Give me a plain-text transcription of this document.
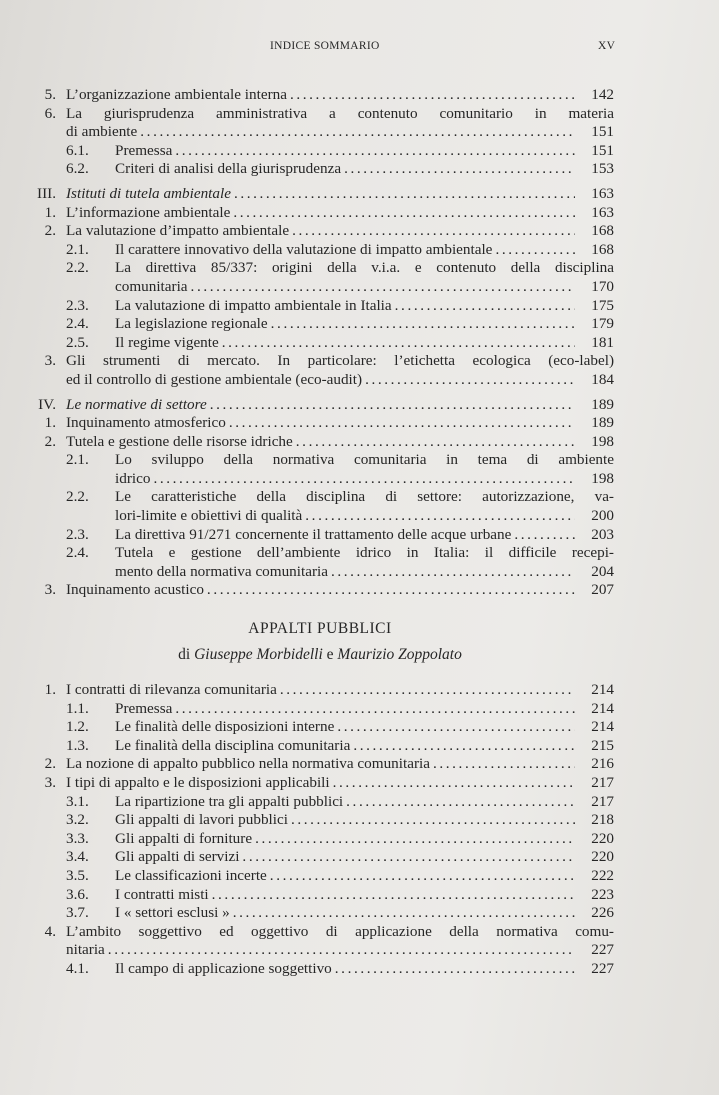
INDICE SOMMARIO	XV
5. L’organizzazione ambientale interna . . .	142
6. La giurisprudenza amministrativa a contenuto comunitario in materia
di ambiente . . .	151
6.1.	Premessa . . .	151
6.2.	Criteri di analisi della giurisprudenza . . .	153
III. Istituti di tutela ambientale . . .	163
1. L’informazione ambientale . . .	163
2. La valutazione d’impatto ambientale . . .	168
2.1.	Il carattere innovativo della valutazione di impatto ambientale . . .	168
2.2.	La direttiva 85/337: origini della v.i.a. e contenuto della disciplina
comunitaria . . .	170
2.3.	La valutazione di impatto ambientale in Italia . . .	175
2.4.	La legislazione regionale . . .	179
2.5.	Il regime vigente . . .	181
3. Gli strumenti di mercato. In particolare: l’etichetta ecologica (eco-label)
ed il controllo di gestione ambientale (eco-audit) . . .	184
IV. Le normative di settore . . .	189
1. Inquinamento atmosferico . . .	189
2. Tutela e gestione delle risorse idriche . . .	198
2.1.	Lo sviluppo della normativa comunitaria in tema di ambiente
idrico . . .	198
2.2.	Le caratteristiche della disciplina di settore: autorizzazione, va-
lori-limite e obiettivi di qualità . . .	200
2.3.	La direttiva 91/271 concernente il trattamento delle acque urbane . . .	203
2.4.	Tutela e gestione dell’ambiente idrico in Italia: il difficile recepi-
mento della normativa comunitaria . . .	204
3. Inquinamento acustico . . .	207
APPALTI PUBBLICI
di Giuseppe Morbidelli e Maurizio Zoppolato
1. I contratti di rilevanza comunitaria . . .	214
1.1.	Premessa . . .	214
1.2.	Le finalità delle disposizioni interne . . .	214
1.3.	Le finalità della disciplina comunitaria . . .	215
2. La nozione di appalto pubblico nella normativa comunitaria . . .	216
3. I tipi di appalto e le disposizioni applicabili . . .	217
3.1.	La ripartizione tra gli appalti pubblici . . .	217
3.2.	Gli appalti di lavori pubblici . . .	218
3.3.	Gli appalti di forniture . . .	220
3.4.	Gli appalti di servizi . . .	220
3.5.	Le classificazioni incerte . . .	222
3.6.	I contratti misti . . .	223
3.7.	I « settori esclusi » . . .	226
4. L’ambito soggettivo ed oggettivo di applicazione della normativa comu-
nitaria . . .	227
4.1.	Il campo di applicazione soggettivo . . .	227
